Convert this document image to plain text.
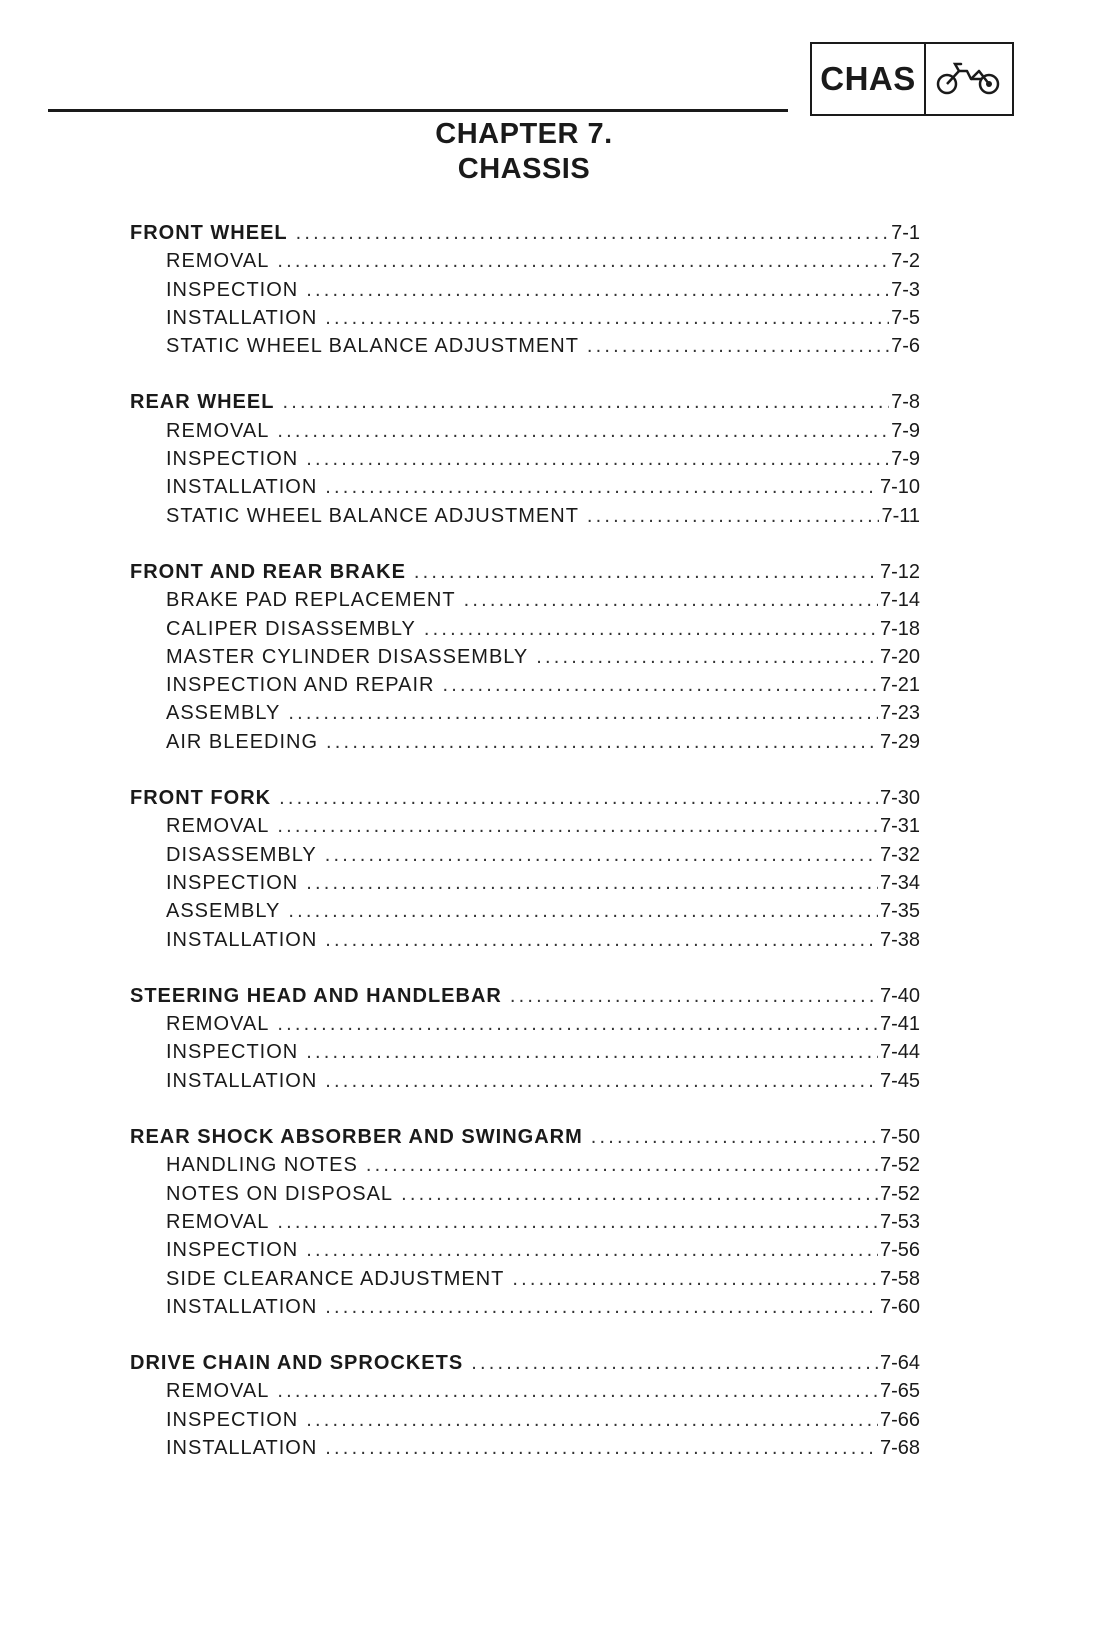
CHAS
CHAPTER 7.
CHASSIS
FRONT WHEEL .....	7-1
REMOVAL .....	7-2
INSPECTION .....	7-3
INSTALLATION .....	7-5
STATIC WHEEL BALANCE ADJUSTMENT .....	7-6
REAR WHEEL .....	7-8
REMOVAL .....	7-9
INSPECTION .....	7-9
INSTALLATION .....	7-10
STATIC WHEEL BALANCE ADJUSTMENT .....	7-11
FRONT AND REAR BRAKE .....	7-12
BRAKE PAD REPLACEMENT .....	7-14
CALIPER DISASSEMBLY .....	7-18
MASTER CYLINDER DISASSEMBLY .....	7-20
INSPECTION AND REPAIR .....	7-21
ASSEMBLY .....	7-23
AIR BLEEDING .....	7-29
FRONT FORK .....	7-30
REMOVAL .....	7-31
DISASSEMBLY .....	7-32
INSPECTION .....	7-34
ASSEMBLY .....	7-35
INSTALLATION .....	7-38
STEERING HEAD AND HANDLEBAR .....	7-40
REMOVAL .....	7-41
INSPECTION .....	7-44
INSTALLATION .....	7-45
REAR SHOCK ABSORBER AND SWINGARM .....	7-50
HANDLING NOTES .....	7-52
NOTES ON DISPOSAL .....	7-52
REMOVAL .....	7-53
INSPECTION .....	7-56
SIDE CLEARANCE ADJUSTMENT .....	7-58
INSTALLATION .....	7-60
DRIVE CHAIN AND SPROCKETS .....	7-64
REMOVAL .....	7-65
INSPECTION .....	7-66
INSTALLATION .....	7-68
